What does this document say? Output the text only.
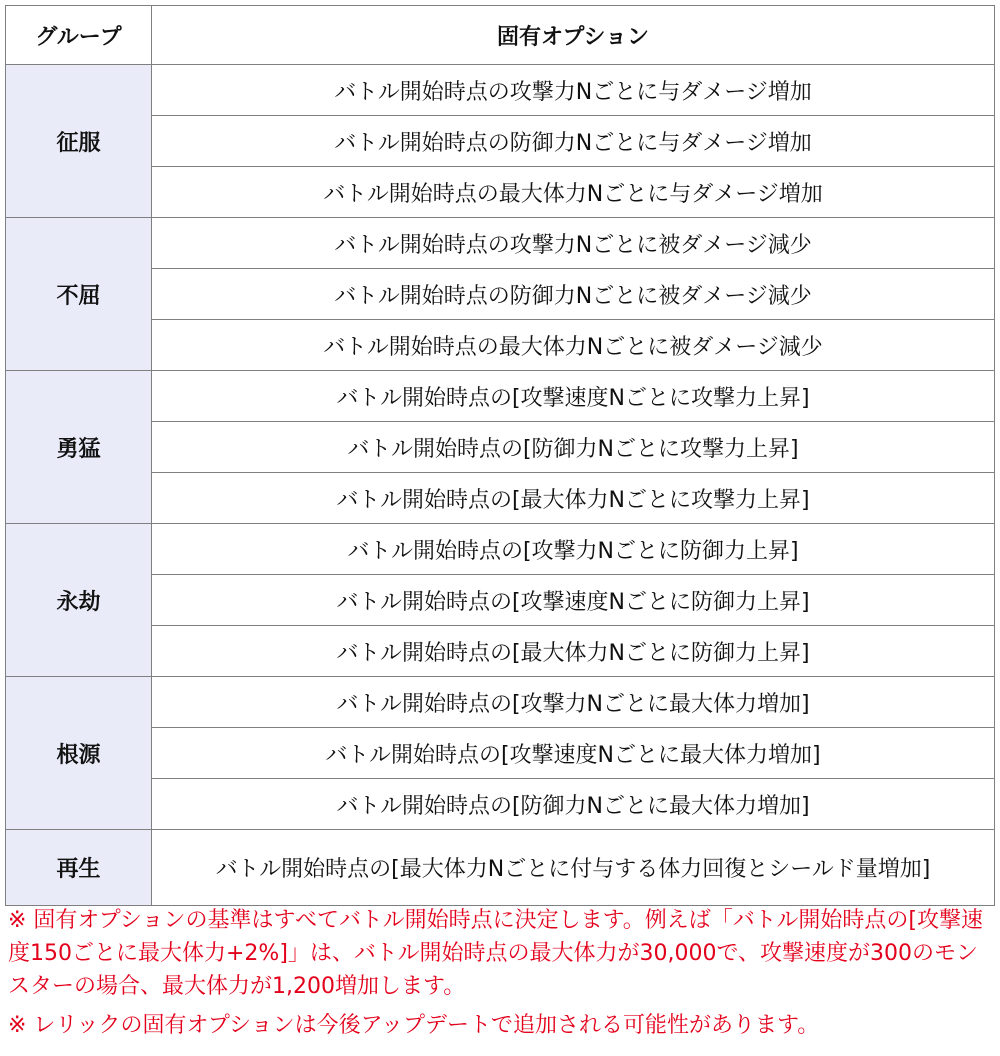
グループ	固有オプション
征服	バトル開始時点の攻撃力Nごとに与ダメージ増加
	バトル開始時点の防御力Nごとに与ダメージ増加
	バトル開始時点の最大体力Nごとに与ダメージ増加
不屈	バトル開始時点の攻撃力Nごとに被ダメージ減少
	バトル開始時点の防御力Nごとに被ダメージ減少
	バトル開始時点の最大体力Nごとに被ダメージ減少
勇猛	バトル開始時点の[攻撃速度Nごとに攻撃力上昇]
	バトル開始時点の[防御力Nごとに攻撃力上昇]
	バトル開始時点の[最大体力Nごとに攻撃力上昇]
永劫	バトル開始時点の[攻撃力Nごとに防御力上昇]
	バトル開始時点の[攻撃速度Nごとに防御力上昇]
	バトル開始時点の[最大体力Nごとに防御力上昇]
根源	バトル開始時点の[攻撃力Nごとに最大体力増加]
	バトル開始時点の[攻撃速度Nごとに最大体力増加]
	バトル開始時点の[防御力Nごとに最大体力増加]
再生	バトル開始時点の[最大体力Nごとに付与する体力回復とシールド量増加]

※ 固有オプションの基準はすべてバトル開始時点に決定します。例えば「バトル開始時点の[攻撃速度150ごとに最大体力+2%]」は、バトル開始時点の最大体力が30,000で、攻撃速度が300のモンスターの場合、最大体力が1,200増加します。

※ レリックの固有オプションは今後アップデートで追加される可能性があります。
